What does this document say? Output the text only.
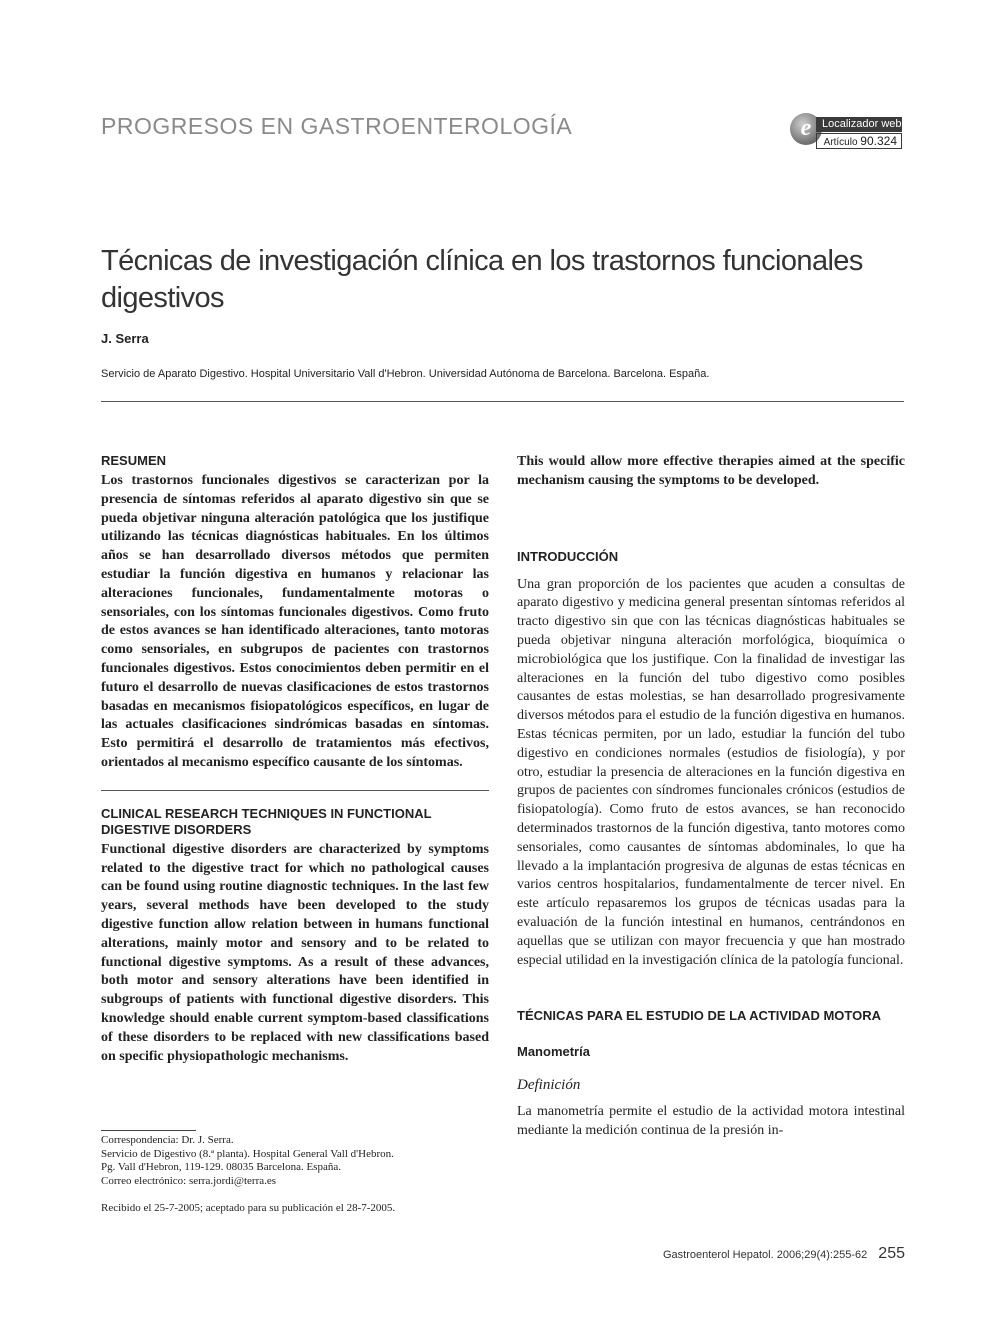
PROGRESOS EN GASTROENTEROLOGÍA	e Localizador web
Artículo 90.324
Técnicas de investigación clínica en los trastornos funcionales digestivos
J. Serra
Servicio de Aparato Digestivo. Hospital Universitario Vall d'Hebron. Universidad Autónoma de Barcelona. Barcelona. España.
RESUMEN

Los trastornos funcionales digestivos se caracterizan por la presencia de síntomas referidos al aparato digestivo sin que se pueda objetivar ninguna alteración patológica que los justifique utilizando las técnicas diagnósticas habituales. En los últimos años se han desarrollado diversos métodos que permiten estudiar la función digestiva en humanos y relacionar las alteraciones funcionales, fundamentalmente motoras o sensoriales, con los síntomas funcionales digestivos. Como fruto de estos avances se han identificado alteraciones, tanto motoras como sensoriales, en subgrupos de pacientes con trastornos funcionales digestivos. Estos conocimientos deben permitir en el futuro el desarrollo de nuevas clasificaciones de estos trastornos basadas en mecanismos fisiopatológicos específicos, en lugar de las actuales clasificaciones sindrómicas basadas en síntomas. Esto permitirá el desarrollo de tratamientos más efectivos, orientados al mecanismo específico causante de los síntomas.

CLINICAL RESEARCH TECHNIQUES IN FUNCTIONAL DIGESTIVE DISORDERS

Functional digestive disorders are characterized by symptoms related to the digestive tract for which no pathological causes can be found using routine diagnostic techniques. In the last few years, several methods have been developed to the study digestive function allow relation between in humans functional alterations, mainly motor and sensory and to be related to functional digestive symptoms. As a result of these advances, both motor and sensory alterations have been identified in subgroups of patients with functional digestive disorders. This knowledge should enable current symptom-based classifications of these disorders to be replaced with new classifications based on specific physiopathologic mechanisms.

Correspondencia: Dr. J. Serra.
Servicio de Digestivo (8.ª planta). Hospital General Vall d'Hebron.
Pg. Vall d'Hebron, 119-129. 08035 Barcelona. España.
Correo electrónico: serra.jordi@terra.es
Recibido el 25-7-2005; aceptado para su publicación el 28-7-2005.

This would allow more effective therapies aimed at the specific mechanism causing the symptoms to be developed.

INTRODUCCIÓN

Una gran proporción de los pacientes que acuden a consultas de aparato digestivo y medicina general presentan síntomas referidos al tracto digestivo sin que con las técnicas diagnósticas habituales se pueda objetivar ninguna alteración morfológica, bioquímica o microbiológica que los justifique. Con la finalidad de investigar las alteraciones en la función del tubo digestivo como posibles causantes de estas molestias, se han desarrollado progresivamente diversos métodos para el estudio de la función digestiva en humanos. Estas técnicas permiten, por un lado, estudiar la función del tubo digestivo en condiciones normales (estudios de fisiología), y por otro, estudiar la presencia de alteraciones en la función digestiva en grupos de pacientes con síndromes funcionales crónicos (estudios de fisiopatología). Como fruto de estos avances, se han reconocido determinados trastornos de la función digestiva, tanto motores como sensoriales, como causantes de síntomas abdominales, lo que ha llevado a la implantación progresiva de algunas de estas técnicas en varios centros hospitalarios, fundamentalmente de tercer nivel. En este artículo repasaremos los grupos de técnicas usadas para la evaluación de la función intestinal en humanos, centrándonos en aquellas que se utilizan con mayor frecuencia y que han mostrado especial utilidad en la investigación clínica de la patología funcional.

TÉCNICAS PARA EL ESTUDIO DE LA ACTIVIDAD MOTORA
Manometría
Definición

La manometría permite el estudio de la actividad motora intestinal mediante la medición continua de la presión in-

Gastroenterol Hepatol. 2006;29(4):255-62 255
